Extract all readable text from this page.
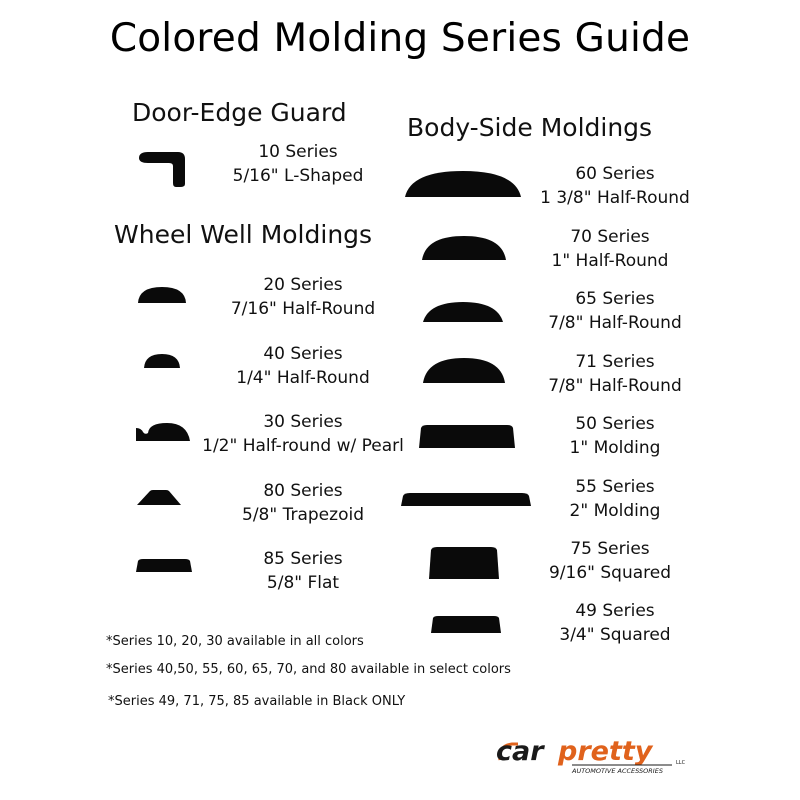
Colored Molding Series Guide
Door-Edge Guard
Wheel Well Moldings
Body-Side Moldings
10 Series
5/16" L-Shaped
20 Series
7/16" Half-Round
40 Series
1/4" Half-Round
30 Series
1/2" Half-round w/ Pearl
80 Series
5/8" Trapezoid
85 Series
5/8" Flat
60 Series
1 3/8" Half-Round
70 Series
1" Half-Round
65 Series
7/8" Half-Round
71 Series
7/8" Half-Round
50 Series
1" Molding
55 Series
2" Molding
75 Series
9/16" Squared
49 Series
3/4" Squared
*Series 10, 20, 30 available in all colors
*Series 40,50, 55, 60, 65, 70, and 80 available in select colors
*Series 49, 71, 75, 85 available in Black ONLY
car pretty	LLC
AUTOMOTIVE ACCESSORIES
